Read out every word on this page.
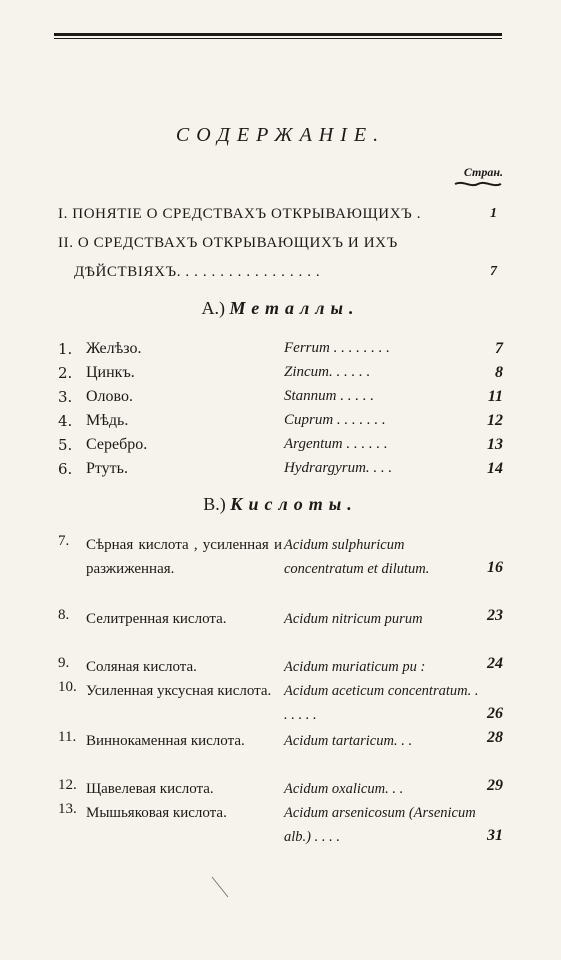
СОДЕРЖАНІЕ.
Стран.
I. ПОНЯТІЕ О СРЕДСТВАХЪ ОТКРЫВАЮЩИХЪ .	1
II. О СРЕДСТВАХЪ ОТКРЫВАЮЩИХЪ И ИХЪ
ДѢЙСТВІЯХЪ. . . . . . . . . . . . . . . . .	7
А.) Металлы.
1. Желѣзо.	Ferrum . . . . . . . .	7
2. Цинкъ.	Zincum. . . . . .	8
3. Олово.	Stannum . . . . .	11
4. Мѣдь.	Cuprum . . . . . . .	12
5. Серебро.	Argentum . . . . . .	13
6. Ртуть.	Hydrargyrum. . . .	14
B.) Кислоты.
7. Сѣрная кислота , усиленная и разжиженная.
Acidum sulphuricum concentratum et dilutum.	16
8. Селитренная кислота.	Acidum nitricum purum	23
9. Соляная кислота.	Acidum muriaticum pu :	24
10. Усиленная уксусная кислота. Acidum aceticum concentratum. . . . . . .	26
11. Виннокаменная кислота.	Acidum tartaricum. . .	28
12. Щавелевая кислота.	Acidum oxalicum. . .	29
13. Мышьяковая кислота.	Acidum arsenicosum (Arsenicum alb.) . . . .	31
